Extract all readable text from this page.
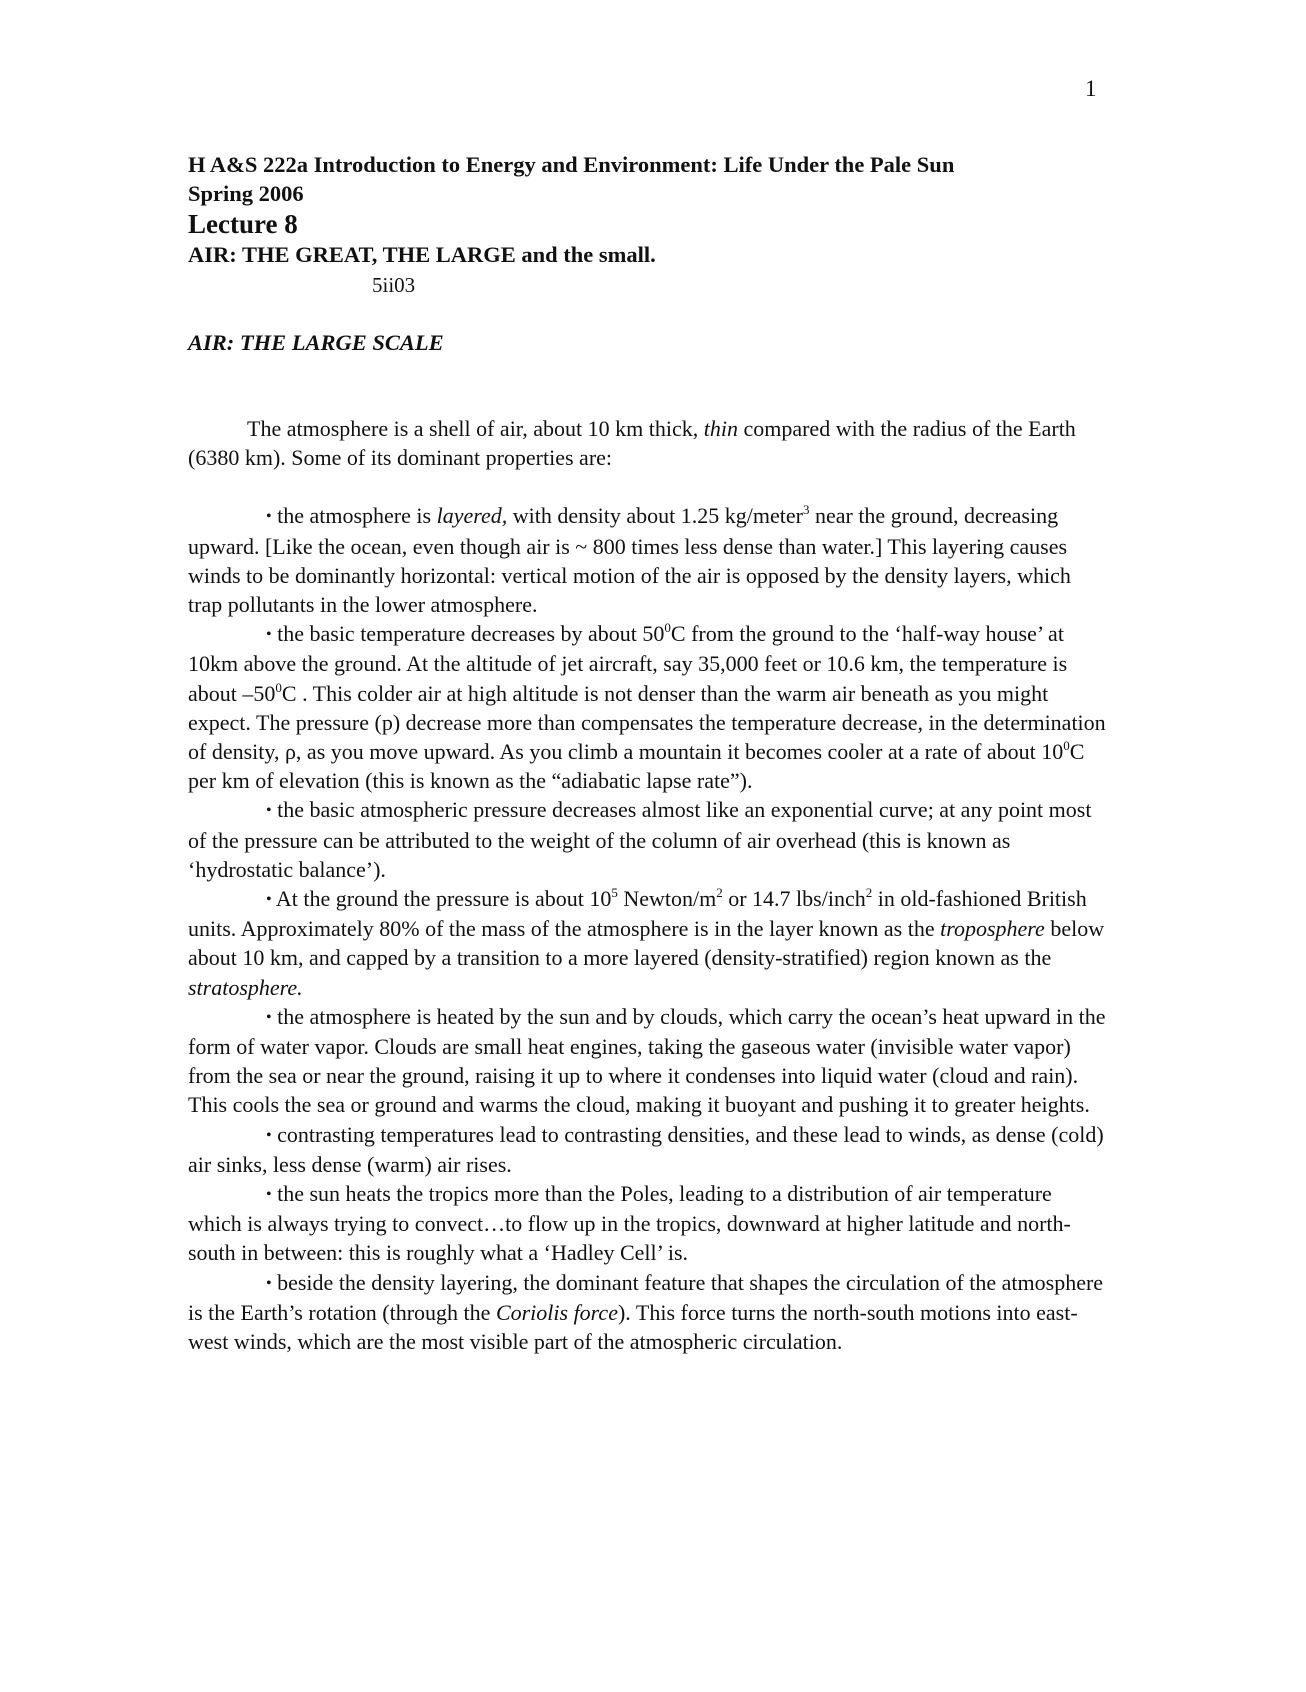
1
H A&S 222a Introduction to Energy and Environment: Life Under the Pale Sun
Spring 2006
Lecture 8
AIR: THE GREAT, THE LARGE and the small.
5ii03
AIR: THE LARGE SCALE

The atmosphere is a shell of air, about 10 km thick, thin compared with the radius of the Earth (6380 km). Some of its dominant properties are:

• the atmosphere is layered, with density about 1.25 kg/meter$^3$ near the ground, decreasing upward. [Like the ocean, even though air is ~ 800 times less dense than water.] This layering causes winds to be dominantly horizontal: vertical motion of the air is opposed by the density layers, which trap pollutants in the lower atmosphere.

• the basic temperature decreases by about $50^0C$ from the ground to the ‘half-way house’ at 10km above the ground. At the altitude of jet aircraft, say 35,000 feet or 10.6 km, the temperature is about $-50^0C$ . This colder air at high altitude is not denser than the warm air beneath as you might expect. The pressure (p) decrease more than compensates the temperature decrease, in the determination of density, ρ, as you move upward. As you climb a mountain it becomes cooler at a rate of about $10^0C$ per km of elevation (this is known as the “adiabatic lapse rate”).

• the basic atmospheric pressure decreases almost like an exponential curve; at any point most of the pressure can be attributed to the weight of the column of air overhead (this is known as ‘hydrostatic balance’).

• At the ground the pressure is about $10^5$ Newton/$m^2$ or 14.7 lbs/inch$^2$ in old-fashioned British units. Approximately 80% of the mass of the atmosphere is in the layer known as the troposphere below about 10 km, and capped by a transition to a more layered (density-stratified) region known as the stratosphere.

• the atmosphere is heated by the sun and by clouds, which carry the ocean’s heat upward in the form of water vapor. Clouds are small heat engines, taking the gaseous water (invisible water vapor) from the sea or near the ground, raising it up to where it condenses into liquid water (cloud and rain). This cools the sea or ground and warms the cloud, making it buoyant and pushing it to greater heights.

• contrasting temperatures lead to contrasting densities, and these lead to winds, as dense (cold) air sinks, less dense (warm) air rises.

• the sun heats the tropics more than the Poles, leading to a distribution of air temperature which is always trying to convect…to flow up in the tropics, downward at higher latitude and north-south in between: this is roughly what a ‘Hadley Cell’ is.

• beside the density layering, the dominant feature that shapes the circulation of the atmosphere is the Earth’s rotation (through the Coriolis force). This force turns the north-south motions into east-west winds, which are the most visible part of the atmospheric circulation.
